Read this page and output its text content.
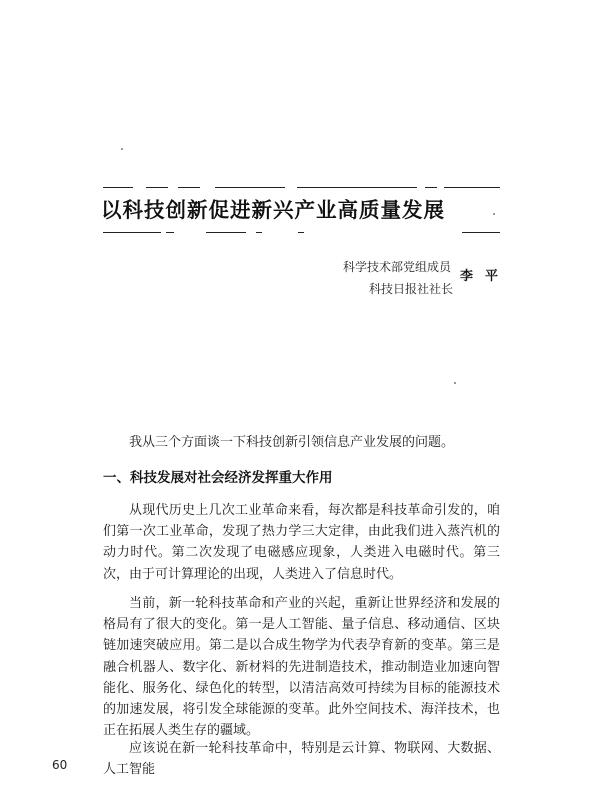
以科技创新促进新兴产业高质量发展
科学技术部党组成员
科技日报社社长
李平

我从三个方面谈一下科技创新引领信息产业发展的问题。

一、科技发展对社会经济发挥重大作用

从现代历史上几次工业革命来看，每次都是科技革命引发的，咱们第一次工业革命，发现了热力学三大定律，由此我们进入蒸汽机的动力时代。第二次发现了电磁感应现象，人类进入电磁时代。第三次，由于可计算理论的出现，人类进入了信息时代。

当前，新一轮科技革命和产业的兴起，重新让世界经济和发展的格局有了很大的变化。第一是人工智能、量子信息、移动通信、区块链加速突破应用。第二是以合成生物学为代表孕育新的变革。第三是融合机器人、数字化、新材料的先进制造技术，推动制造业加速向智能化、服务化、绿色化的转型，以清洁高效可持续为目标的能源技术的加速发展，将引发全球能源的变革。此外空间技术、海洋技术，也正在拓展人类生存的疆域。

应该说在新一轮科技革命中，特别是云计算、物联网、大数据、人工智能

60
